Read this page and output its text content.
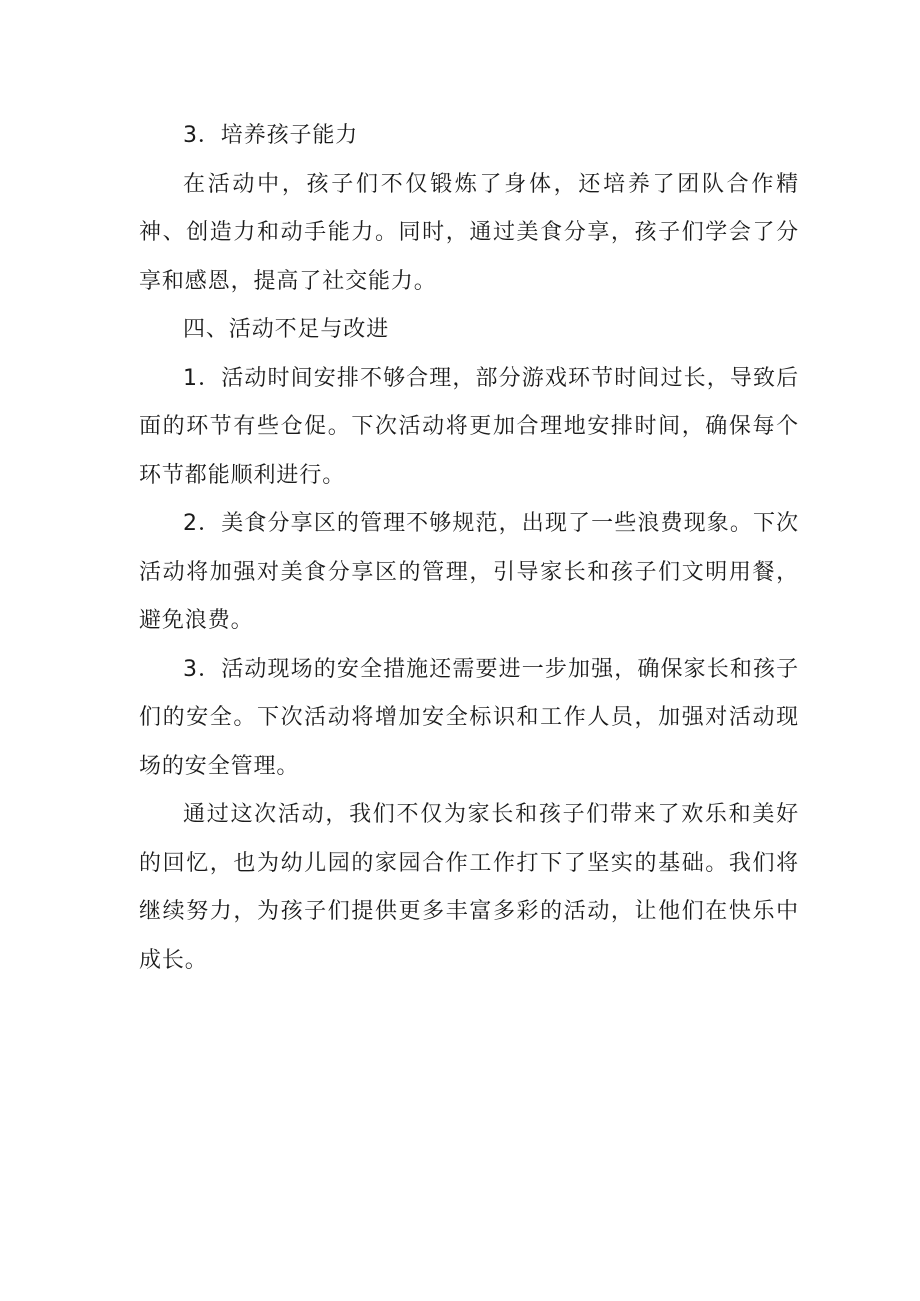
3．培养孩子能力

在活动中，孩子们不仅锻炼了身体，还培养了团队合作精神、创造力和动手能力。同时，通过美食分享，孩子们学会了分享和感恩，提高了社交能力。

四、活动不足与改进

1．活动时间安排不够合理，部分游戏环节时间过长，导致后面的环节有些仓促。下次活动将更加合理地安排时间，确保每个环节都能顺利进行。

2．美食分享区的管理不够规范，出现了一些浪费现象。下次活动将加强对美食分享区的管理，引导家长和孩子们文明用餐，避免浪费。

3．活动现场的安全措施还需要进一步加强，确保家长和孩子们的安全。下次活动将增加安全标识和工作人员，加强对活动现场的安全管理。

通过这次活动，我们不仅为家长和孩子们带来了欢乐和美好的回忆，也为幼儿园的家园合作工作打下了坚实的基础。我们将继续努力，为孩子们提供更多丰富多彩的活动，让他们在快乐中成长。
